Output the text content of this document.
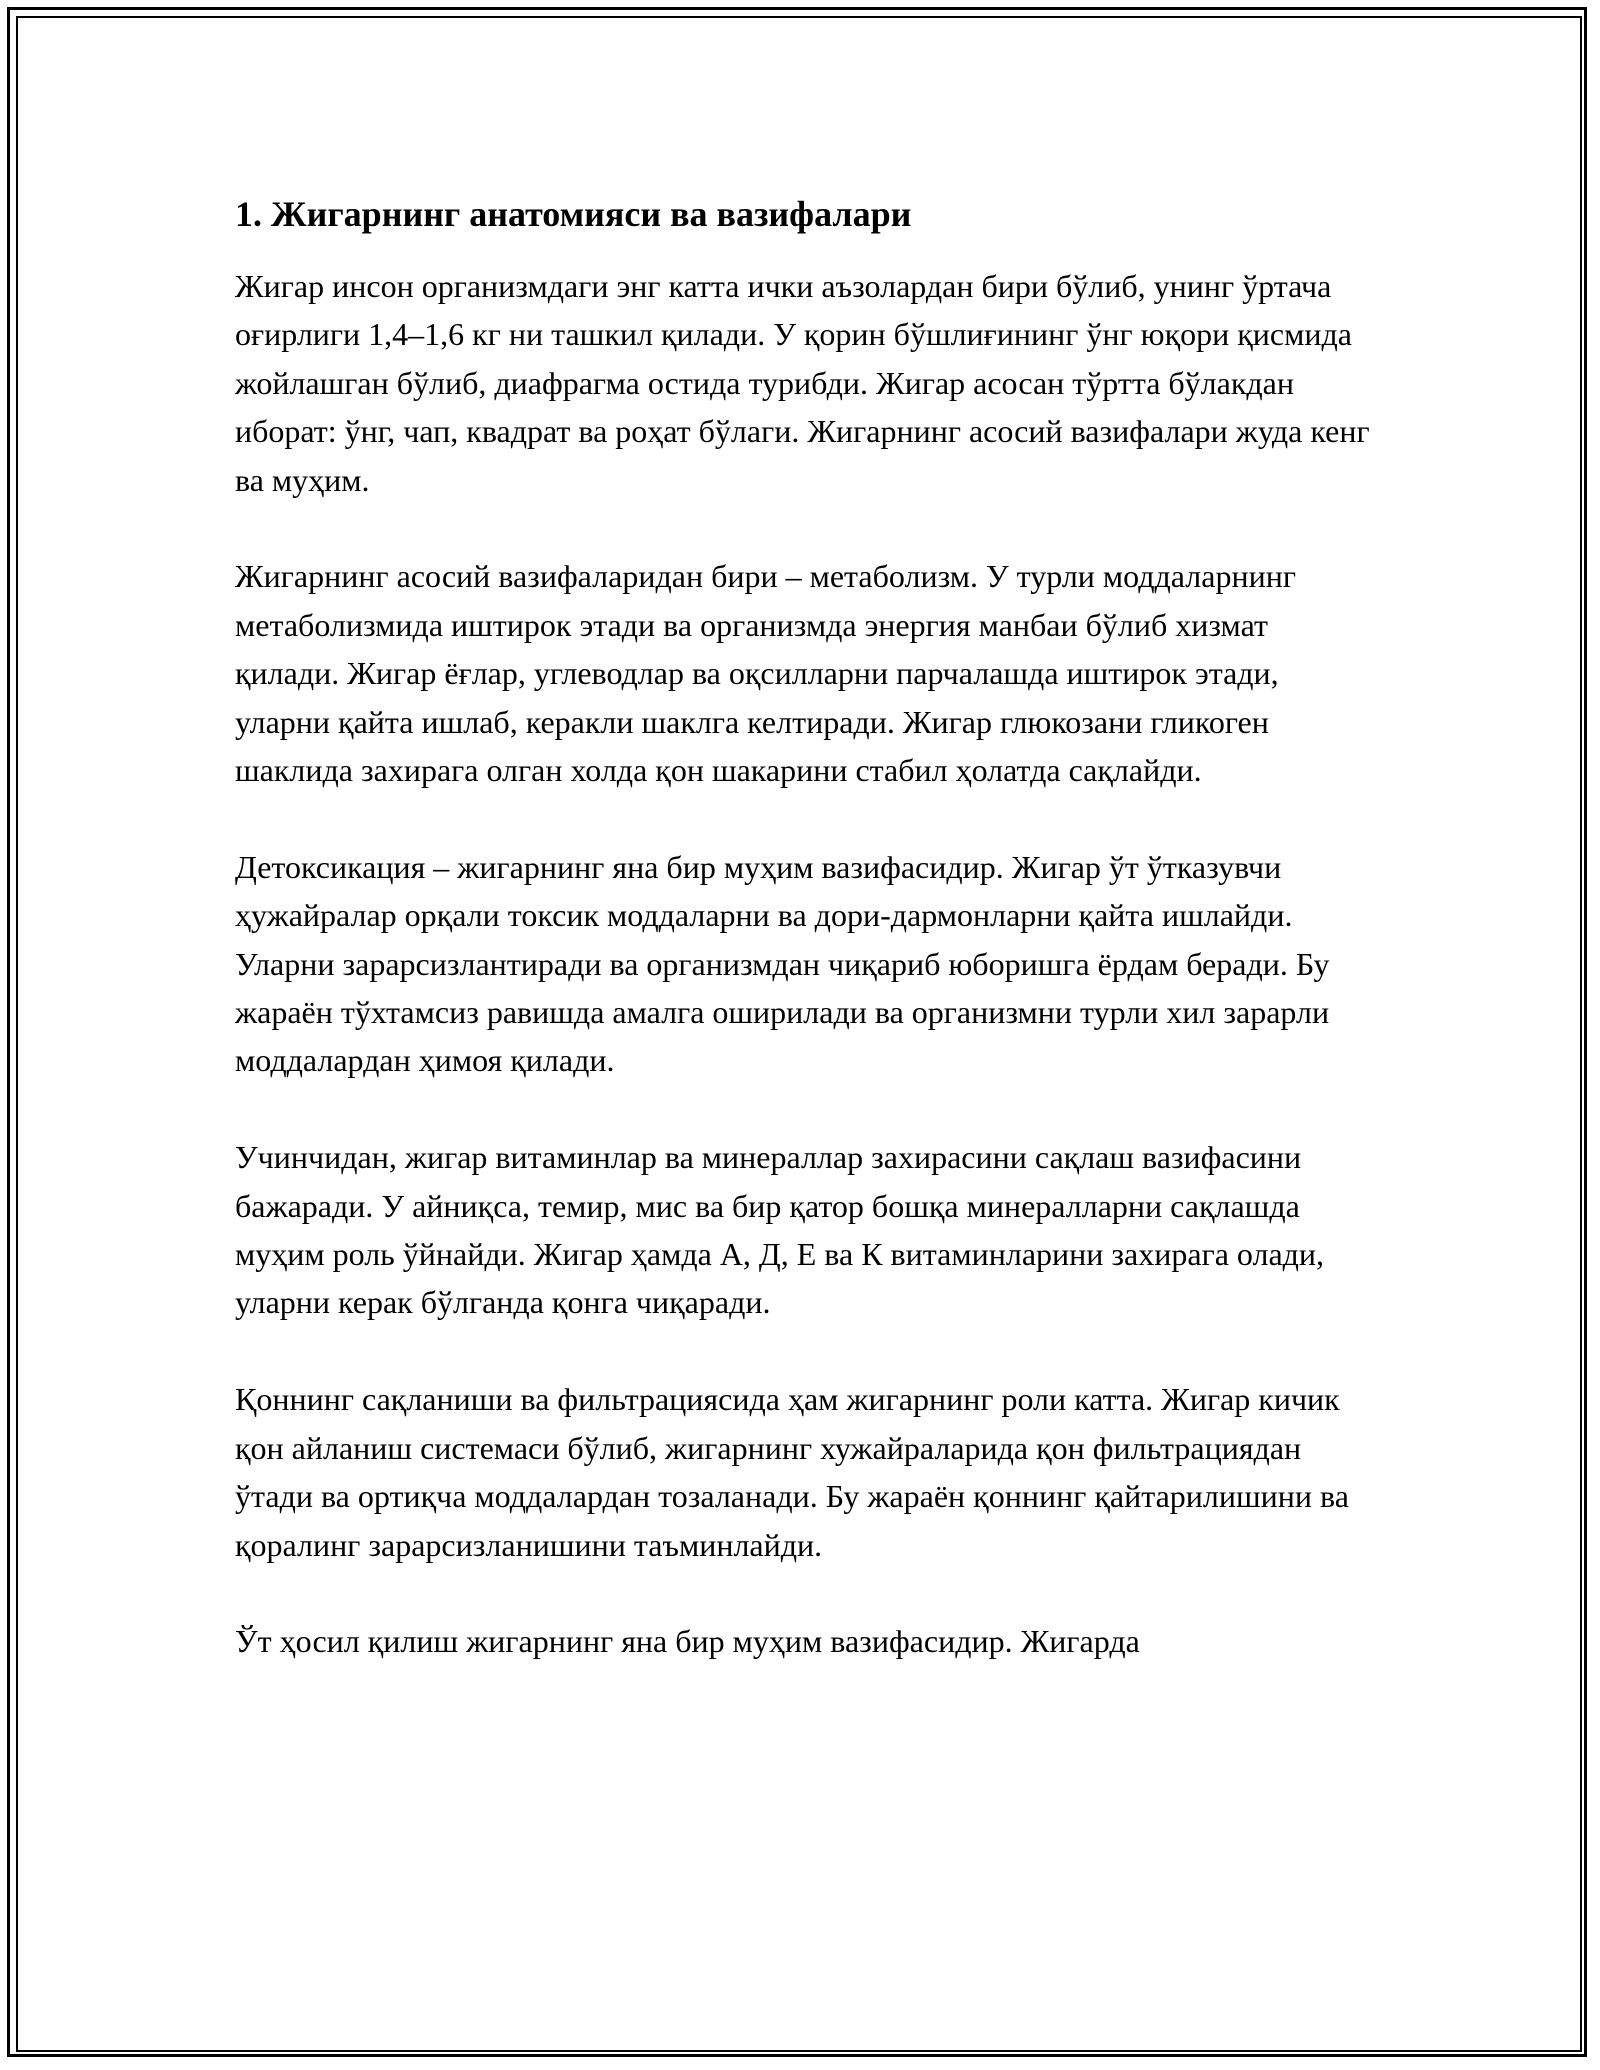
1. Жигарнинг анатомияси ва вазифалари

Жигар инсон организмдаги энг катта ички аъзолардан бири бўлиб, унинг ўртача оғирлиги 1,4–1,6 кг ни ташкил қилади. У қорин бўшлиғининг ўнг юқори қисмида жойлашган бўлиб, диафрагма остида турибди. Жигар асосан тўртта бўлакдан иборат: ўнг, чап, квадрат ва роҳат бўлаги. Жигарнинг асосий вазифалари жуда кенг ва муҳим.

Жигарнинг асосий вазифаларидан бири – метаболизм. У турли моддаларнинг метаболизмида иштирок этади ва организмда энергия манбаи бўлиб хизмат қилади. Жигар ёғлар, углеводлар ва оқсилларни парчалашда иштирок этади, уларни қайта ишлаб, керакли шаклга келтиради. Жигар глюкозани гликоген шаклида захирага олган холда қон шакарини стабил ҳолатда сақлайди.

Детоксикация – жигарнинг яна бир муҳим вазифасидир. Жигар ўт ўтказувчи ҳужайралар орқали токсик моддаларни ва дори-дармонларни қайта ишлайди. Уларни зарарсизлантиради ва организмдан чиқариб юборишга ёрдам беради. Бу жараён тўхтамсиз равишда амалга оширилади ва организмни турли хил зарарли моддалардан ҳимоя қилади.

Учинчидан, жигар витаминлар ва минераллар захирасини сақлаш вазифасини бажаради. У айниқса, темир, мис ва бир қатор бошқа минералларни сақлашда муҳим роль ўйнайди. Жигар ҳамда А, Д, Е ва К витаминларини захирага олади, уларни керак бўлганда қонга чиқаради.

Қоннинг сақланиши ва фильтрациясида ҳам жигарнинг роли катта. Жигар кичик қон айланиш системаси бўлиб, жигарнинг хужайраларида қон фильтрациядан ўтади ва ортиқча моддалардан тозаланади. Бу жараён қоннинг қайтарилишини ва қоралинг зарарсизланишини таъминлайди.

Ўт ҳосил қилиш жигарнинг яна бир муҳим вазифасидир. Жигарда
